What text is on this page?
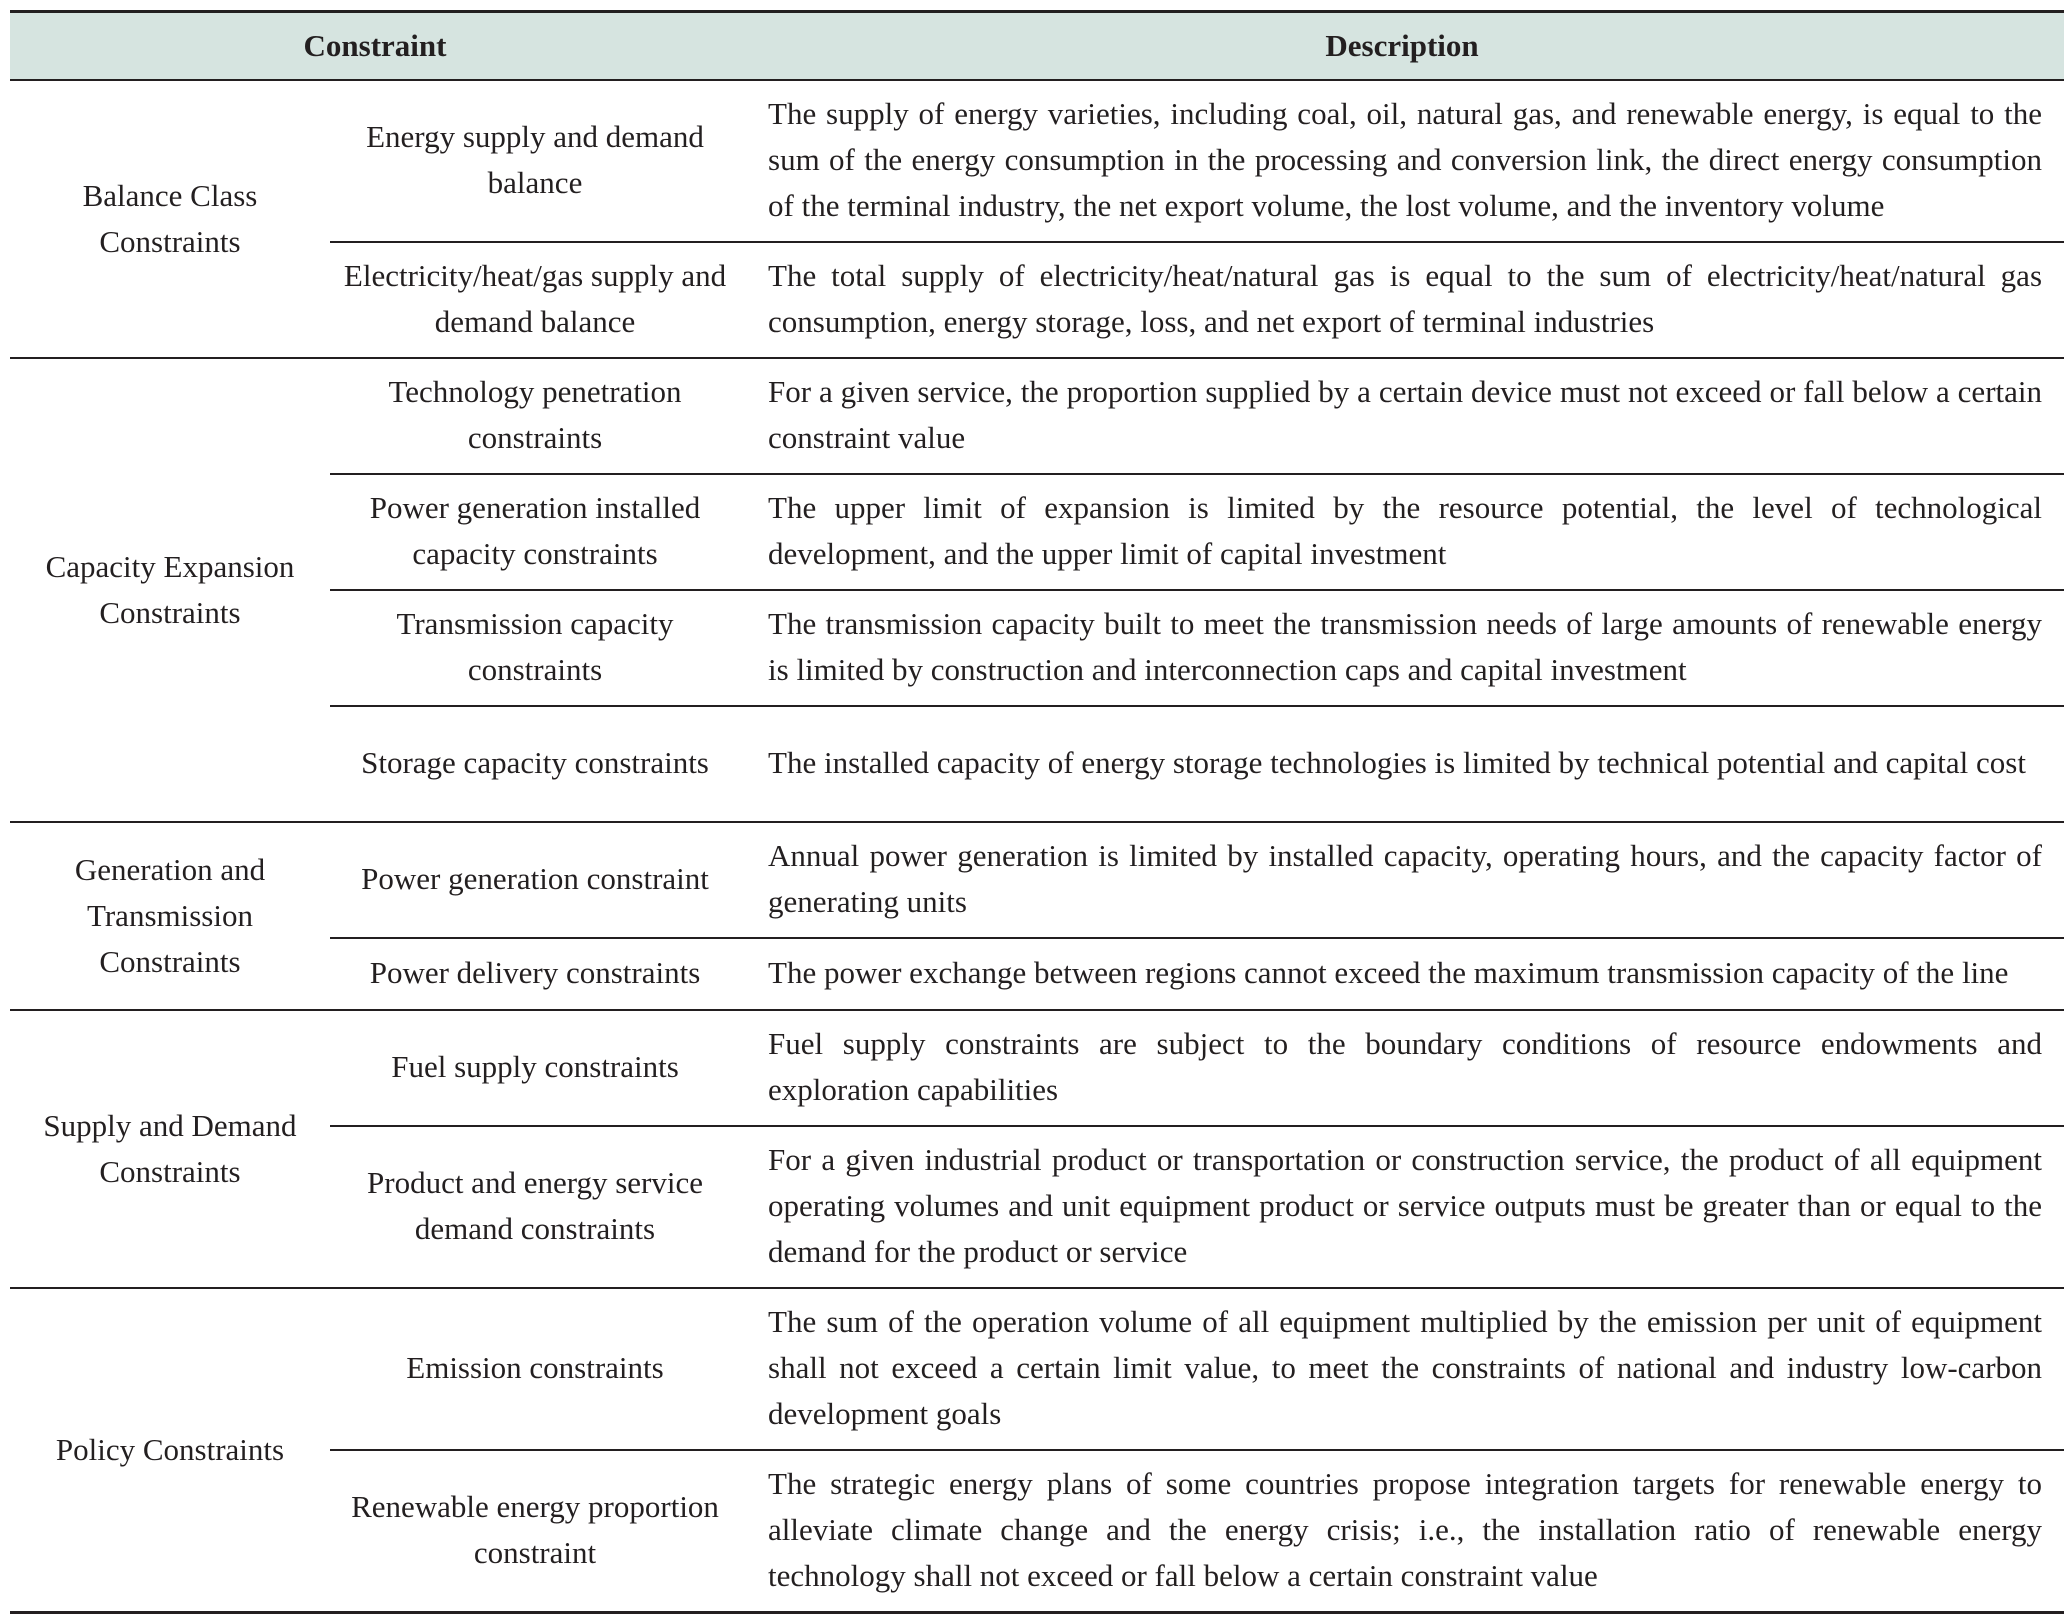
Constraint		Description
Balance Class Constraints	Energy supply and demand balance	The supply of energy varieties, including coal, oil, natural gas, and renewable energy, is equal to the sum of the energy consumption in the processing and conversion link, the direct energy consumption of the terminal industry, the net export volume, the lost volume, and the inventory volume
	Electricity/heat/gas supply and demand balance	The total supply of electricity/heat/natural gas is equal to the sum of electricity/heat/natural gas consumption, energy storage, loss, and net export of terminal industries
Capacity Expansion Constraints	Technology penetration constraints	For a given service, the proportion supplied by a certain device must not exceed or fall below a certain constraint value
	Power generation installed capacity constraints	The upper limit of expansion is limited by the resource potential, the level of technological development, and the upper limit of capital investment
	Transmission capacity constraints	The transmission capacity built to meet the transmission needs of large amounts of renewable energy is limited by construction and interconnection caps and capital investment
	Storage capacity constraints	The installed capacity of energy storage technologies is limited by technical potential and capital cost
Generation and Transmission Constraints	Power generation constraint	Annual power generation is limited by installed capacity, operating hours, and the capacity factor of generating units
	Power delivery constraints	The power exchange between regions cannot exceed the maximum transmission capacity of the line
Supply and Demand Constraints	Fuel supply constraints	Fuel supply constraints are subject to the boundary conditions of resource endowments and exploration capabilities
	Product and energy service demand constraints	For a given industrial product or transportation or construction service, the product of all equipment operating volumes and unit equipment product or service outputs must be greater than or equal to the demand for the product or service
Policy Constraints	Emission constraints	The sum of the operation volume of all equipment multiplied by the emission per unit of equipment shall not exceed a certain limit value, to meet the constraints of national and industry low-carbon development goals
	Renewable energy proportion constraint	The strategic energy plans of some countries propose integration targets for renewable energy to alleviate climate change and the energy crisis; i.e., the installation ratio of renewable energy technology shall not exceed or fall below a certain constraint value
